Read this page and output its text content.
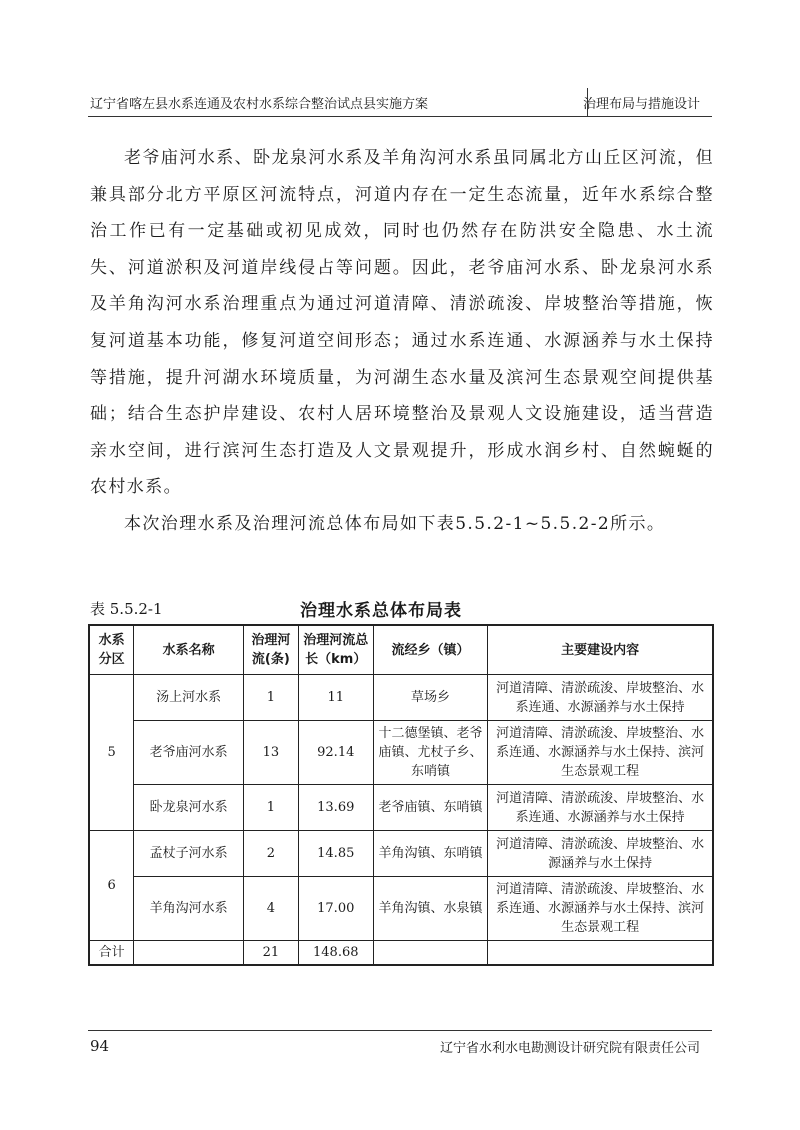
辽宁省喀左县水系连通及农村水系综合整治试点县实施方案	治理布局与措施设计

老爷庙河水系、卧龙泉河水系及羊角沟河水系虽同属北方山丘区河流，但兼具部分北方平原区河流特点，河道内存在一定生态流量，近年水系综合整治工作已有一定基础或初见成效，同时也仍然存在防洪安全隐患、水土流失、河道淤积及河道岸线侵占等问题。因此，老爷庙河水系、卧龙泉河水系及羊角沟河水系治理重点为通过河道清障、清淤疏浚、岸坡整治等措施，恢复河道基本功能，修复河道空间形态；通过水系连通、水源涵养与水土保持等措施，提升河湖水环境质量，为河湖生态水量及滨河生态景观空间提供基础；结合生态护岸建设、农村人居环境整治及景观人文设施建设，适当营造亲水空间，进行滨河生态打造及人文景观提升，形成水润乡村、自然蜿蜒的农村水系。

本次治理水系及治理河流总体布局如下表5.5.2-1~5.5.2-2所示。

表 5.5.2-1	治理水系总体布局表
水系分区	水系名称	治理河流(条)	治理河流总长（km）	流经乡（镇）	主要建设内容
5	汤上河水系	1	11	草场乡	河道清障、清淤疏浚、岸坡整治、水系连通、水源涵养与水土保持
	老爷庙河水系	13	92.14	十二德堡镇、老爷庙镇、尤杖子乡、东哨镇	河道清障、清淤疏浚、岸坡整治、水系连通、水源涵养与水土保持、滨河生态景观工程
	卧龙泉河水系	1	13.69	老爷庙镇、东哨镇	河道清障、清淤疏浚、岸坡整治、水系连通、水源涵养与水土保持
6	孟杖子河水系	2	14.85	羊角沟镇、东哨镇	河道清障、清淤疏浚、岸坡整治、水源涵养与水土保持
	羊角沟河水系	4	17.00	羊角沟镇、水泉镇	河道清障、清淤疏浚、岸坡整治、水系连通、水源涵养与水土保持、滨河生态景观工程
合计		21	148.68		
94	辽宁省水利水电勘测设计研究院有限责任公司
